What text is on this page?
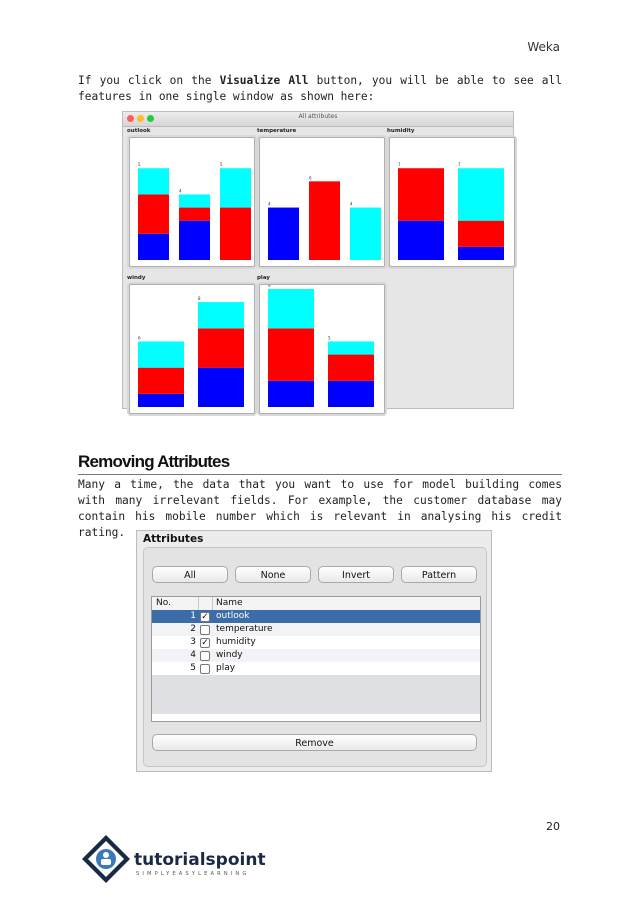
Weka
If you click on the Visualize All button, you will be able to see all features in one single window as shown here:
All attributes
outlook
5
4
5
temperature
4
6
4
humidity
7	7
windy
6
8
play
9
5
Removing Attributes
Many a time, the data that you want to use for model building comes with many irrelevant fields. For example, the customer database may contain his mobile number which is relevant in analysing his credit rating.	Attributes
All	None	Invert	Pattern
No.	Name
1 ✓ outlook
2 temperature
3 ✓ humidity
4 windy
5 play
Remove
20
tutorialspoint
SIMPLYEASYLEARNING
